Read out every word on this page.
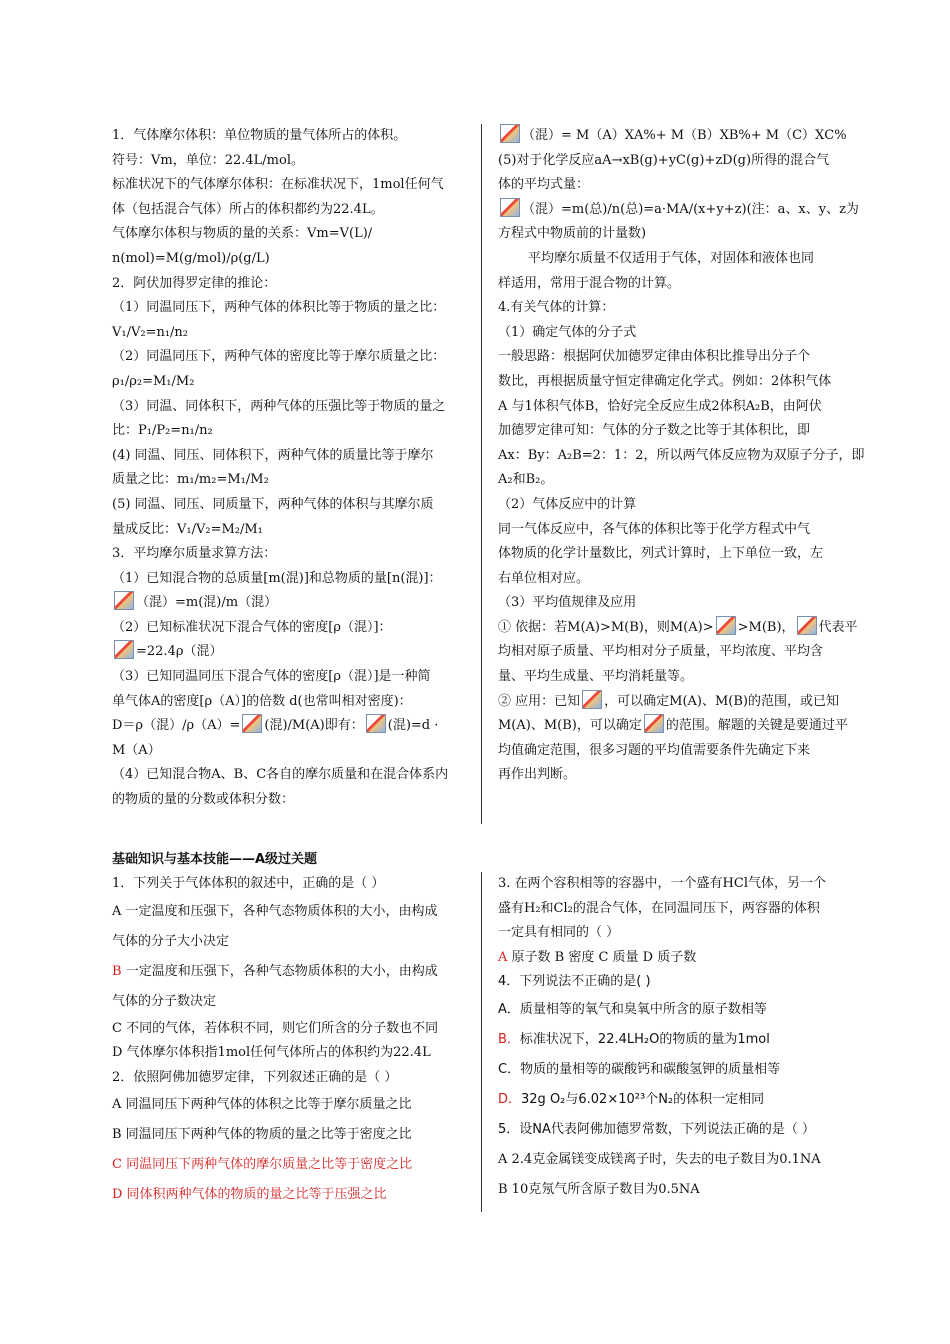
1．气体摩尔体积：单位物质的量气体所占的体积。
符号：Vm，单位：22.4L/mol。
标准状况下的气体摩尔体积：在标准状况下，1mol任何气
体（包括混合气体）所占的体积都约为22.4L。
气体摩尔体积与物质的量的关系：Vm=V(L)/
n(mol)=M(g/mol)/ρ(g/L)
2．阿伏加得罗定律的推论：
（1）同温同压下，两种气体的体积比等于物质的量之比：
V₁/V₂=n₁/n₂
（2）同温同压下，两种气体的密度比等于摩尔质量之比：
ρ₁/ρ₂=M₁/M₂
（3）同温、同体积下，两种气体的压强比等于物质的量之
比：P₁/P₂=n₁/n₂
(4) 同温、同压、同体积下，两种气体的质量比等于摩尔
质量之比：m₁/m₂=M₁/M₂
(5) 同温、同压、同质量下，两种气体的体积与其摩尔质
量成反比：V₁/V₂=M₂/M₁
3．平均摩尔质量求算方法：
（1）已知混合物的总质量[m(混)]和总物质的量[n(混)]：
（混）=m(混)/m（混）
（2）已知标准状况下混合气体的密度[ρ（混）]：
=22.4ρ（混）
（3）已知同温同压下混合气体的密度[ρ（混）]是一种简
单气体A的密度[ρ（A）]的倍数 d(也常叫相对密度)：
D＝ρ（混）/ρ（A）= (混)/M(A)即有： (混)=d ·
M（A）
（4）已知混合物A、B、C各自的摩尔质量和在混合体系内
的物质的量的分数或体积分数：
（混）= M（A）ⅩA%+ M（B）ⅩB%+ M（C）ⅩC%
(5)对于化学反应aA→xB(g)+yC(g)+zD(g)所得的混合气
体的平均式量：
（混）=m(总)/n(总)=a·MA/(x+y+z)(注：a、x、y、z为
方程式中物质前的计量数)
平均摩尔质量不仅适用于气体，对固体和液体也同
样适用，常用于混合物的计算。
4.有关气体的计算：
（1）确定气体的分子式
一般思路：根据阿伏加德罗定律由体积比推导出分子个
数比，再根据质量守恒定律确定化学式。例如：2体积气体
A 与1体积气体B，恰好完全反应生成2体积A₂B，由阿伏
加德罗定律可知：气体的分子数之比等于其体积比，即
Ax：By：A₂B=2：1：2，所以两气体反应物为双原子分子，即
A₂和B₂。
（2）气体反应中的计算
同一气体反应中，各气体的体积比等于化学方程式中气
体物质的化学计量数比，列式计算时，上下单位一致，左
右单位相对应。
（3）平均值规律及应用
① 依据：若M(A)>M(B)，则M(A)> >M(B)， 代表平
均相对原子质量、平均相对分子质量，平均浓度、平均含
量、平均生成量、平均消耗量等。
② 应用：已知 ，可以确定M(A)、M(B)的范围，或已知
M(A)、M(B)，可以确定 的范围。解题的关键是要通过平
均值确定范围，很多习题的平均值需要条件先确定下来
再作出判断。
基础知识与基本技能——A级过关题
1．下列关于气体体积的叙述中，正确的是（ ）
A 一定温度和压强下，各种气态物质体积的大小，由构成
气体的分子大小决定
B 一定温度和压强下，各种气态物质体积的大小，由构成
气体的分子数决定
C 不同的气体，若体积不同，则它们所含的分子数也不同
D 气体摩尔体积指1mol任何气体所占的体积约为22.4L
2．依照阿佛加德罗定律，下列叙述正确的是（ ）
A 同温同压下两种气体的体积之比等于摩尔质量之比
B 同温同压下两种气体的物质的量之比等于密度之比
C 同温同压下两种气体的摩尔质量之比等于密度之比
D 同体积两种气体的物质的量之比等于压强之比
3. 在两个容积相等的容器中，一个盛有HCl气体，另一个
盛有H₂和Cl₂的混合气体，在同温同压下，两容器的体积
一定具有相同的（ ）
A 原子数 B 密度 C 质量 D 质子数
4．下列说法不正确的是( )
A．质量相等的氧气和臭氧中所含的原子数相等
B．标准状况下，22.4LH₂O的物质的量为1mol
C．物质的量相等的碳酸钙和碳酸氢钾的质量相等
D．32g O₂与6.02×10²³个N₂的体积一定相同
5．设NA代表阿佛加德罗常数，下列说法正确的是（ ）
A 2.4克金属镁变成镁离子时，失去的电子数目为0.1NA
B 10克氖气所含原子数目为0.5NA
